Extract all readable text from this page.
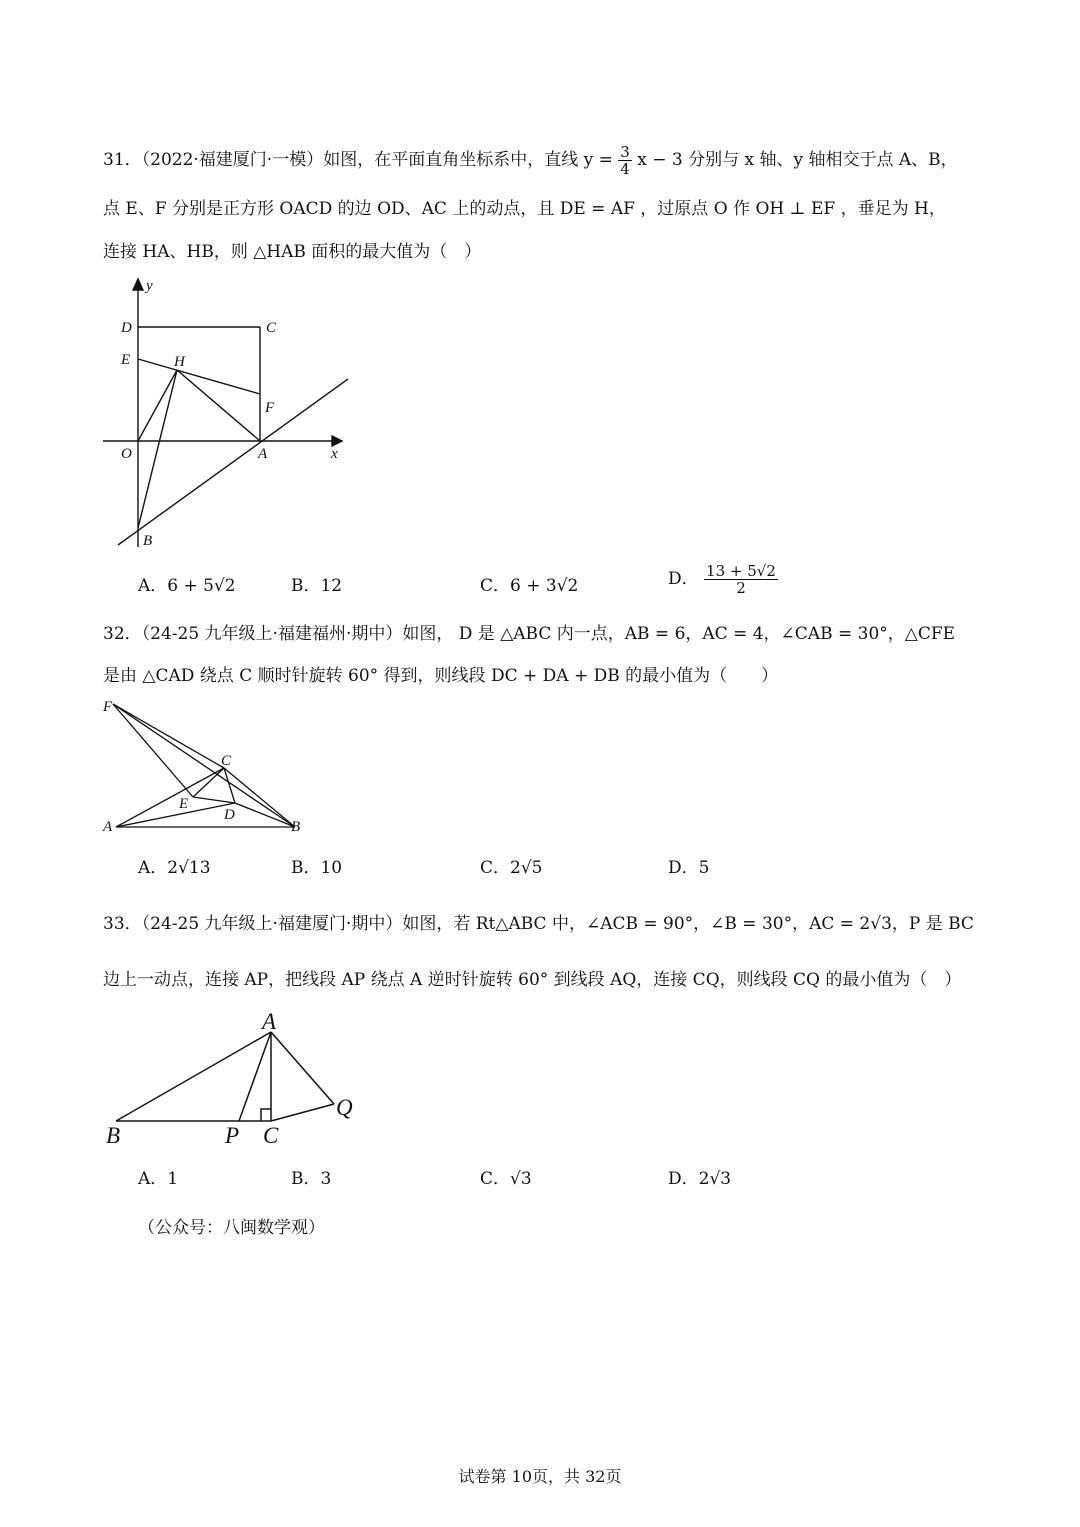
31．（2022·福建厦门·一模）如图，在平面直角坐标系中，直线 $y = \frac{3}{4}$ x − 3 分别与 x 轴、y 轴相交于点 A、B，
点 E、F 分别是正方形 OACD 的边 OD、AC 上的动点，且 DE = AF ，过原点 O 作 OH ⊥ EF ，垂足为 H，
连接 HA、HB，则 △HAB 面积的最大值为（　）
y
D	C
E	H
F
O	A	x
B
A．6 + 5√2	B．12	C．6 + 3√2	D． $\frac{13 + 5√2}{2}$
32．（24-25 九年级上·福建福州·期中）如图， D 是 △ABC 内一点，AB = 6，AC = 4，∠CAB = 30°，△CFE
是由 △CAD 绕点 C 顺时针旋转 60° 得到，则线段 DC + DA + DB 的最小值为（　　）
F
C
E
D
A	B
A．2√13	B．10	C．2√5	D．5
33．（24-25 九年级上·福建厦门·期中）如图，若 Rt△ABC 中，∠ACB = 90°，∠B = 30°，AC = 2√3，P 是 BC
边上一动点，连接 AP，把线段 AP 绕点 A 逆时针旋转 60° 到线段 AQ，连接 CQ，则线段 CQ 的最小值为（　）
A
Q
B	P C
A．1	B．3	C．√3	D．2√3
（公众号：八闽数学观）
试卷第 10页，共 32页
